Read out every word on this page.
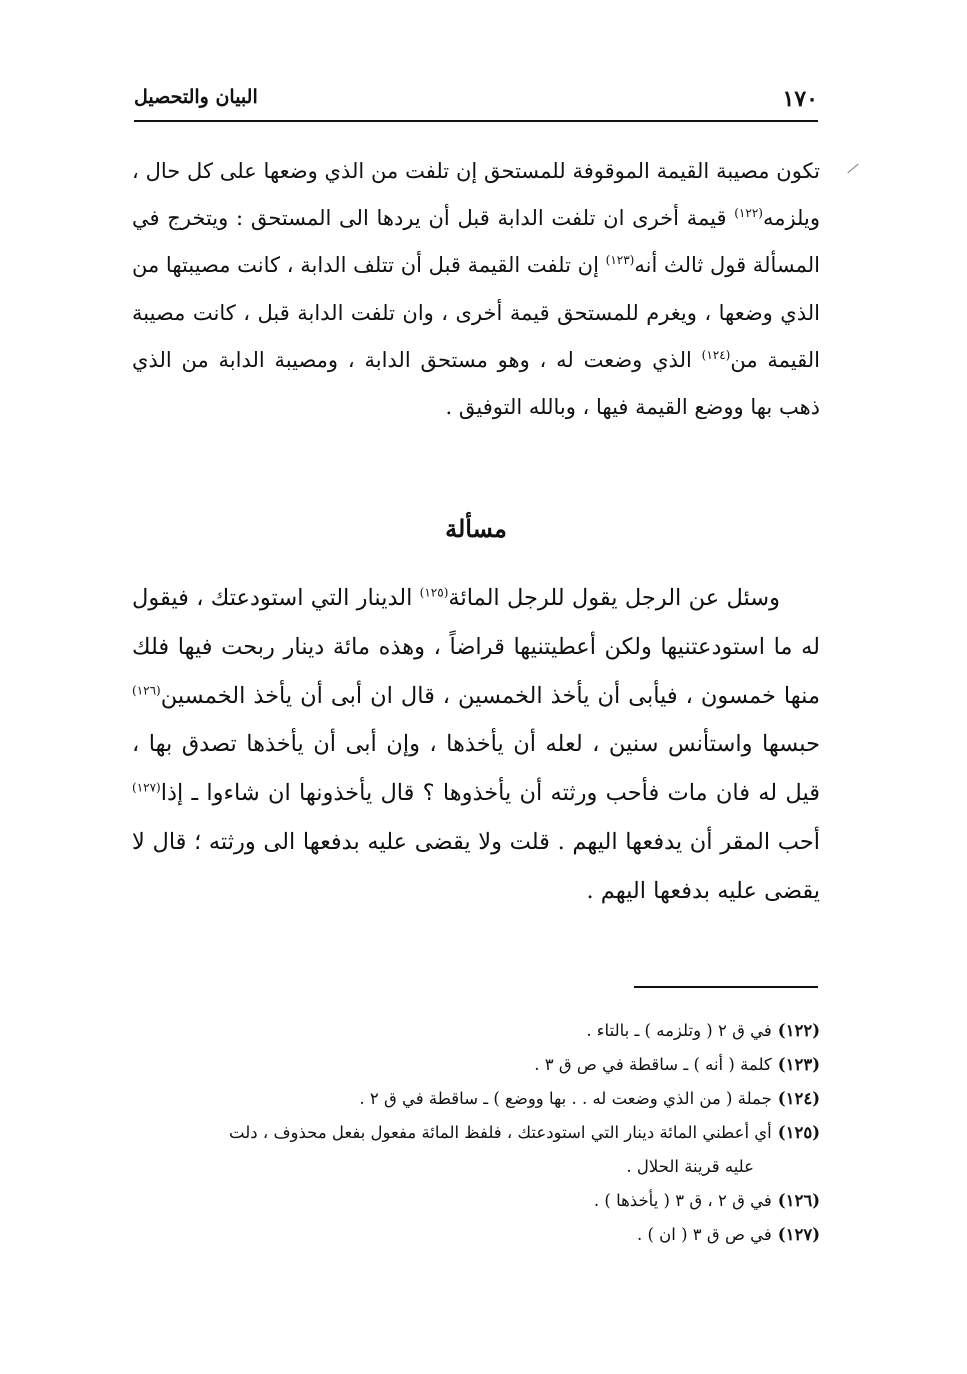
١٧٠
البيان والتحصيل

تكون مصيبة القيمة الموقوفة للمستحق إن تلفت من الذي وضعها على كل حال ، ويلزمه$^{(١٢٢)}$ قيمة أخرى ان تلفت الدابة قبل أن يردها الى المستحق : ويتخرج في المسألة قول ثالث أنه$^{(١٢٣)}$ إن تلفت القيمة قبل أن تتلف الدابة ، كانت مصيبتها من الذي وضعها ، ويغرم للمستحق قيمة أخرى ، وان تلفت الدابة قبل ، كانت مصيبة القيمة من$^{(١٢٤)}$ الذي وضعت له ، وهو مستحق الدابة ، ومصيبة الدابة من الذي ذهب بها ووضع القيمة فيها ، وبالله التوفيق .

مسألة

وسئل عن الرجل يقول للرجل المائة$^{(١٢٥)}$ الدينار التي استودعتك ، فيقول له ما استودعتنيها ولكن أعطيتنيها قراضاً ، وهذه مائة دينار ربحت فيها فلك منها خمسون ، فيأبى أن يأخذ الخمسين ، قال ان أبى أن يأخذ الخمسين$^{(١٢٦)}$ حبسها واستأنس سنين ، لعله أن يأخذها ، وإن أبى أن يأخذها تصدق بها ، قيل له فان مات فأحب ورثته أن يأخذوها ؟ قال يأخذونها ان شاءوا ـ إذا$^{(١٢٧)}$ أحب المقر أن يدفعها اليهم . قلت ولا يقضى عليه بدفعها الى ورثته ؛ قال لا يقضى عليه بدفعها اليهم .

(١٢٢)في ق ٢ ( وتلزمه ) ـ بالتاء .
(١٢٣)كلمة ( أنه ) ـ ساقطة في ص ق ٣ .
(١٢٤)جملة ( من الذي وضعت له . . بها ووضع ) ـ ساقطة في ق ٢ .
(١٢٥)أي أعطني المائة دينار التي استودعتك ، فلفظ المائة مفعول بفعل محذوف ، دلت
عليه قرينة الحلال .
(١٢٦)في ق ٢ ، ق ٣ ( يأخذها ) .
(١٢٧)في ص ق ٣ ( ان ) .
